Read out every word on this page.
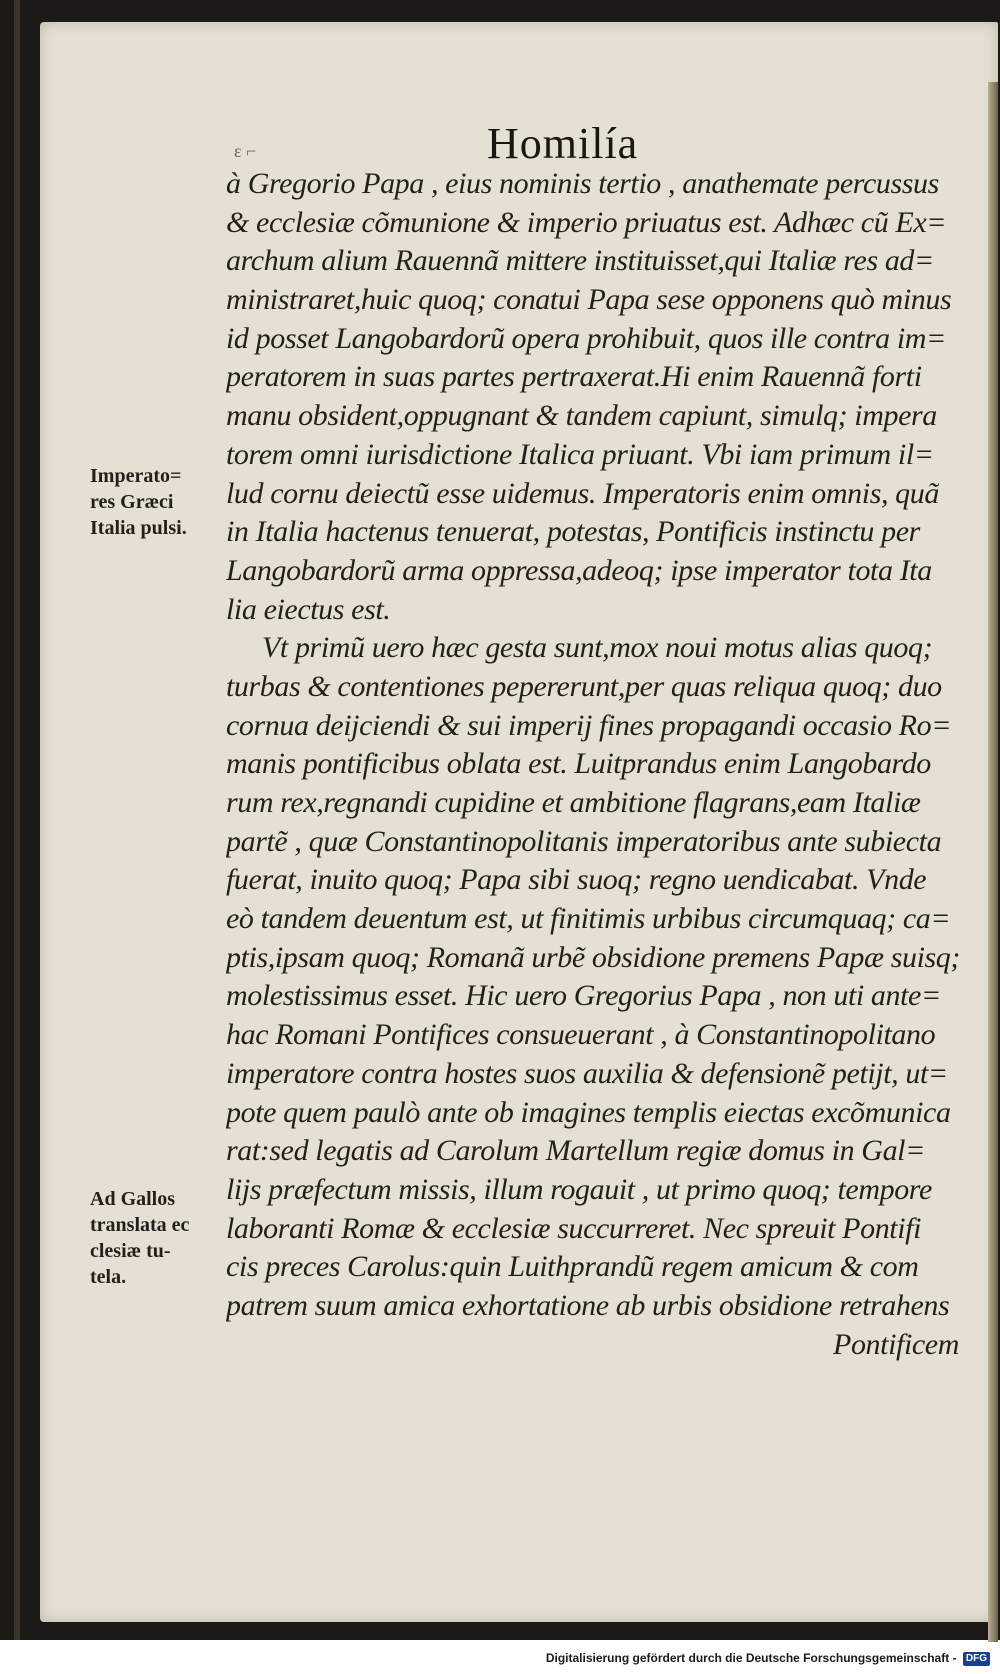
ɛ ⌐	Homilía
à Gregorio Papa , eius nominis tertio , anathemate percussus
& ecclesiæ cõmunione & imperio priuatus est. Adhæc cũ Ex=
archum alium Rauennã mittere instituisset,qui Italiæ res ad=
ministraret,huic quoq; conatui Papa sese opponens quò minus
id posset Langobardorũ opera prohibuit, quos ille contra im=
peratorem in suas partes pertraxerat.Hi enim Rauennã forti
manu obsident,oppugnant & tandem capiunt, simulq; impera
torem omni iurisdictione Italica priuant. Vbi iam primum il=
lud cornu deiectũ esse uidemus. Imperatoris enim omnis, quã
in Italia hactenus tenuerat, potestas, Pontificis instinctu per
Langobardorũ arma oppressa,adeoq; ipse imperator tota Ita
lia eiectus est.
Vt primũ uero hæc gesta sunt,mox noui motus alias quoq;
turbas & contentiones pepererunt,per quas reliqua quoq; duo
cornua deijciendi & sui imperij fines propagandi occasio Ro=
manis pontificibus oblata est. Luitprandus enim Langobardo
rum rex,regnandi cupidine et ambitione flagrans,eam Italiæ
partẽ , quæ Constantinopolitanis imperatoribus ante subiecta
fuerat, inuito quoq; Papa sibi suoq; regno uendicabat. Vnde
eò tandem deuentum est, ut finitimis urbibus circumquaq; ca=
ptis,ipsam quoq; Romanã urbẽ obsidione premens Papæ suisq;
molestissimus esset. Hic uero Gregorius Papa , non uti ante=
hac Romani Pontifices consueuerant , à Constantinopolitano
imperatore contra hostes suos auxilia & defensionẽ petijt, ut=
pote quem paulò ante ob imagines templis eiectas excõmunica
rat:sed legatis ad Carolum Martellum regiæ domus in Gal=
lijs præfectum missis, illum rogauit , ut primo quoq; tempore
laboranti Romæ & ecclesiæ succurreret. Nec spreuit Pontifi
cis preces Carolus:quin Luithprandũ regem amicum & com
patrem suum amica exhortatione ab urbis obsidione retrahens
Pontificem
Imperato=
res Græci
Italia pulsi.
Ad Gallos
translata ec
clesiæ tu-
tela.
Digitalisierung gefördert durch die Deutsche Forschungsgemeinschaft - DFG
